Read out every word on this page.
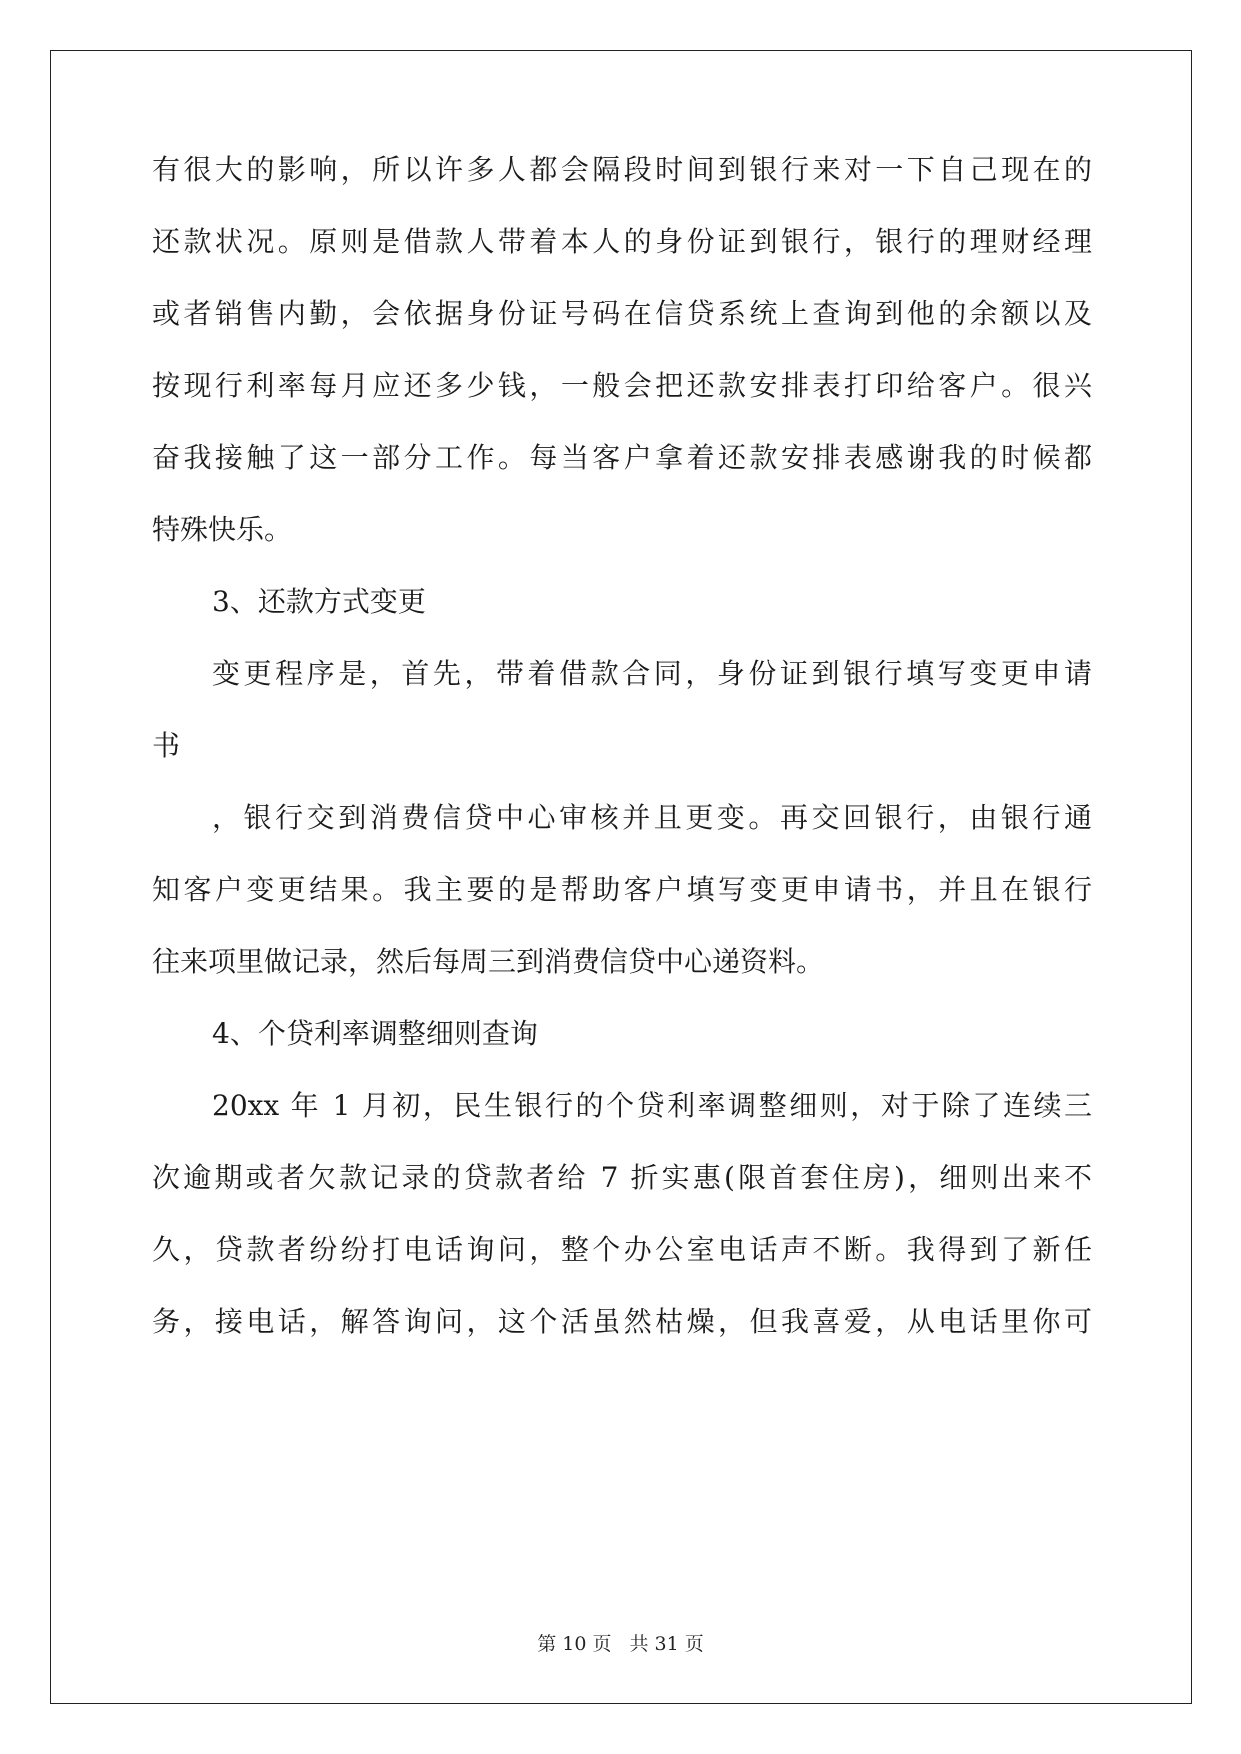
有很大的影响，所以许多人都会隔段时间到银行来对一下自己现在的
还款状况。原则是借款人带着本人的身份证到银行，银行的理财经理
或者销售内勤，会依据身份证号码在信贷系统上查询到他的余额以及
按现行利率每月应还多少钱，一般会把还款安排表打印给客户。很兴
奋我接触了这一部分工作。每当客户拿着还款安排表感谢我的时候都
特殊快乐。
3、还款方式变更
变更程序是，首先，带着借款合同，身份证到银行填写变更申请
书
，银行交到消费信贷中心审核并且更变。再交回银行，由银行通
知客户变更结果。我主要的是帮助客户填写变更申请书，并且在银行
往来项里做记录，然后每周三到消费信贷中心递资料。
4、个贷利率调整细则查询
20xx 年 1 月初，民生银行的个贷利率调整细则，对于除了连续三
次逾期或者欠款记录的贷款者给 7 折实惠(限首套住房)，细则出来不
久，贷款者纷纷打电话询问，整个办公室电话声不断。我得到了新任
务，接电话，解答询问，这个活虽然枯燥，但我喜爱，从电话里你可
第 10 页 共 31 页
